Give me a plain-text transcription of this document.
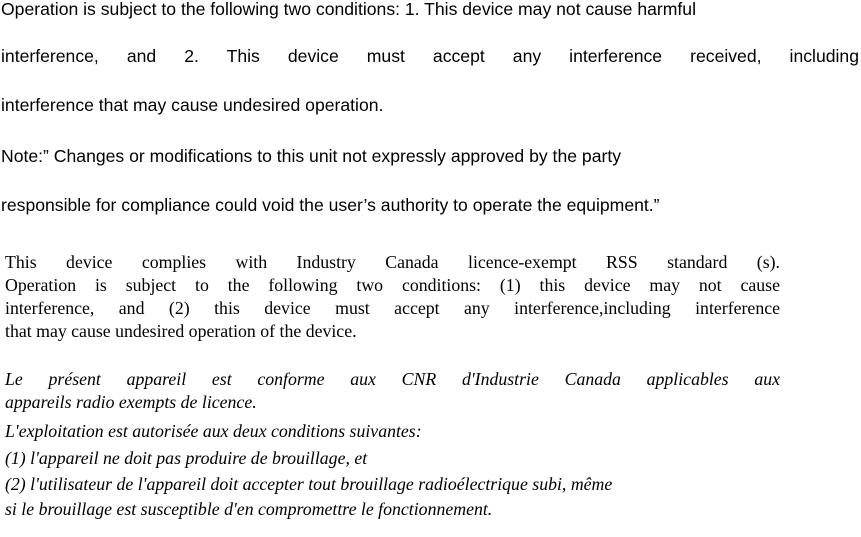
Operation is subject to the following two conditions: 1. This device may not cause harmful

interference, and 2. This device must accept any interference received, including

interference that may cause undesired operation.

Note:” Changes or modifications to this unit not expressly approved by the party

responsible for compliance could void the user’s authority to operate the equipment.”

This device complies with Industry Canada licence-exempt RSS standard (s).
Operation is subject to the following two conditions: (1) this device may not cause
interference, and (2) this device must accept any interference,including interference
that may cause undesired operation of the device.
Le présent appareil est conforme aux CNR d'Industrie Canada applicables aux
appareils radio exempts de licence.
L'exploitation est autorisée aux deux conditions suivantes:
(1) l'appareil ne doit pas produire de brouillage, et
(2) l'utilisateur de l'appareil doit accepter tout brouillage radioélectrique subi, même
si le brouillage est susceptible d'en compromettre le fonctionnement.
